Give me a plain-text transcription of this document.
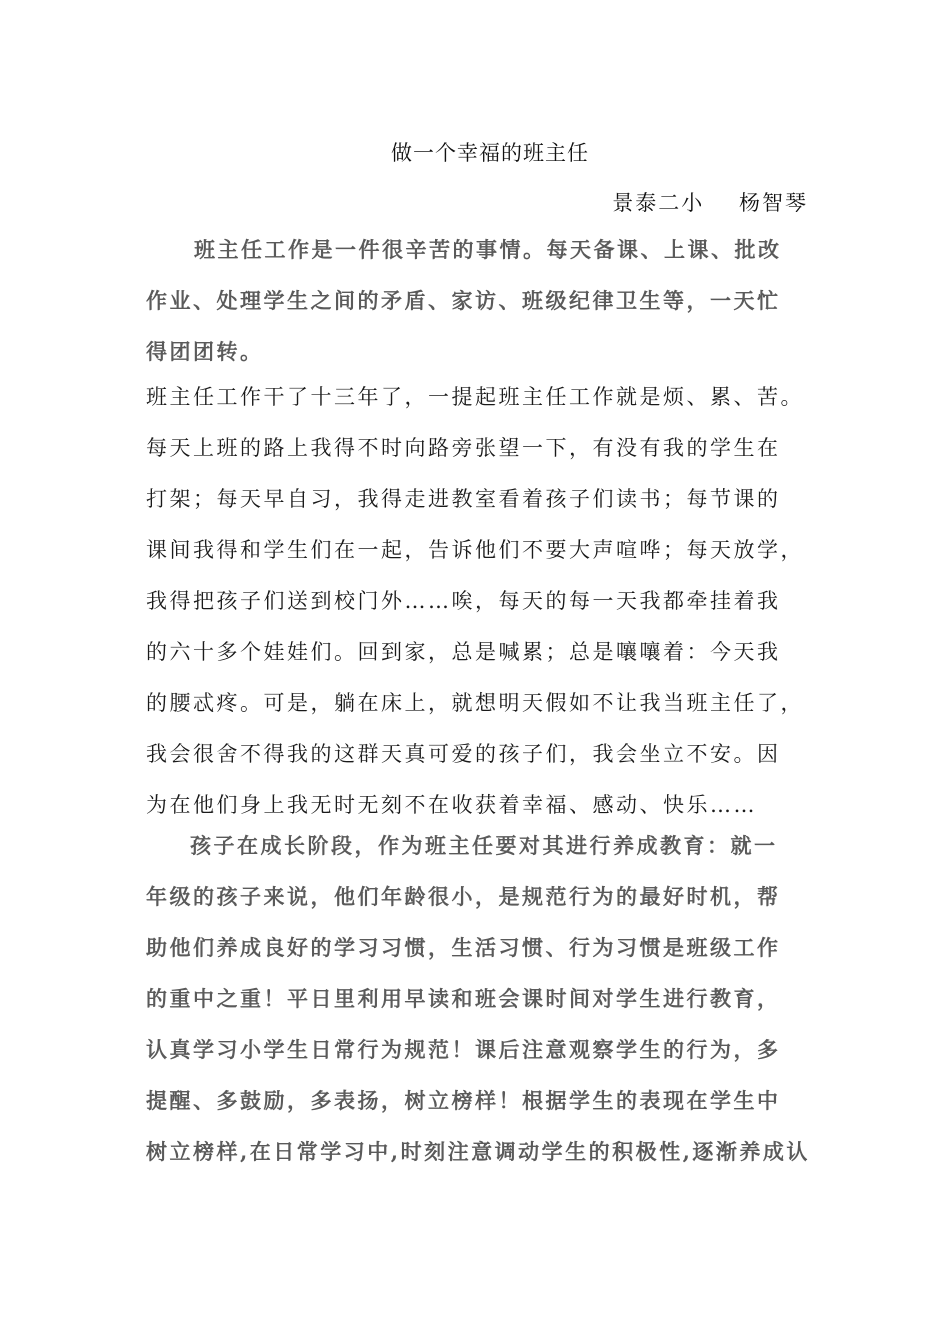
做一个幸福的班主任
景泰二小    杨智琴
班主任工作是一件很辛苦的事情。每天备课、上课、批改
作业、处理学生之间的矛盾、家访、班级纪律卫生等，一天忙
得团团转。
班主任工作干了十三年了，一提起班主任工作就是烦、累、苦。
每天上班的路上我得不时向路旁张望一下，有没有我的学生在
打架；每天早自习，我得走进教室看着孩子们读书；每节课的
课间我得和学生们在一起，告诉他们不要大声喧哗；每天放学，
我得把孩子们送到校门外……唉，每天的每一天我都牵挂着我
的六十多个娃娃们。回到家，总是喊累；总是嚷嚷着：今天我
的腰忒疼。可是，躺在床上，就想明天假如不让我当班主任了，
我会很舍不得我的这群天真可爱的孩子们，我会坐立不安。因
为在他们身上我无时无刻不在收获着幸福、感动、快乐……
孩子在成长阶段，作为班主任要对其进行养成教育：就一
年级的孩子来说，他们年龄很小，是规范行为的最好时机，帮
助他们养成良好的学习习惯，生活习惯、行为习惯是班级工作
的重中之重！平日里利用早读和班会课时间对学生进行教育，
认真学习小学生日常行为规范！课后注意观察学生的行为，多
提醒、多鼓励，多表扬，树立榜样！根据学生的表现在学生中
树立榜样,在日常学习中,时刻注意调动学生的积极性,逐渐养成认
